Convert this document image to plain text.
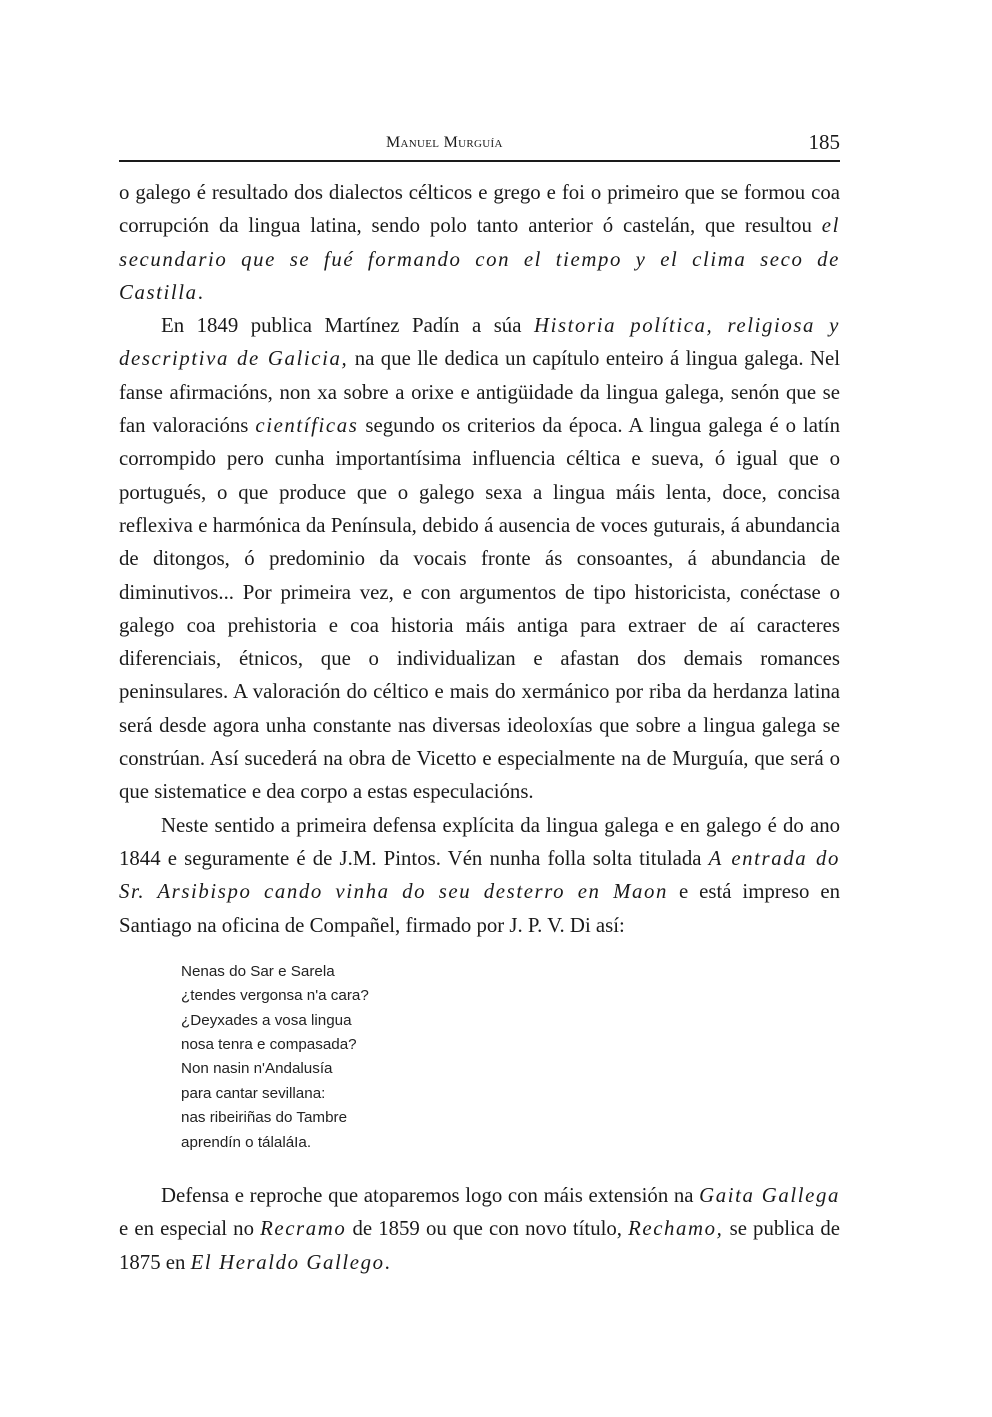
Manuel Murguía	185

o galego é resultado dos dialectos célticos e grego e foi o primeiro que se formou coa corrupción da lingua latina, sendo polo tanto anterior ó castelán, que resultou el secundario que se fué formando con el tiempo y el clima seco de Castilla.

En 1849 publica Martínez Padín a súa Historia política, religiosa y descriptiva de Galicia, na que lle dedica un capítulo enteiro á lingua galega. Nel fanse afirmacións, non xa sobre a orixe e antigüidade da lingua galega, senón que se fan valoracións científicas segundo os criterios da época. A lingua galega é o latín corrompido pero cunha importantísima influencia céltica e sueva, ó igual que o portugués, o que produce que o galego sexa a lingua máis lenta, doce, concisa reflexiva e harmónica da Península, debido á ausencia de voces guturais, á abundancia de ditongos, ó predominio da vocais fronte ás consoantes, á abundancia de diminutivos... Por primeira vez, e con argumentos de tipo historicista, conéctase o galego coa prehistoria e coa historia máis antiga para extraer de aí caracteres diferenciais, étnicos, que o individualizan e afastan dos demais romances peninsulares. A valoración do céltico e mais do xermánico por riba da herdanza latina será desde agora unha constante nas diversas ideoloxías que sobre a lingua galega se constrúan. Así sucederá na obra de Vicetto e especialmente na de Murguía, que será o que sistematice e dea corpo a estas especulacións.

Neste sentido a primeira defensa explícita da lingua galega e en galego é do ano 1844 e seguramente é de J.M. Pintos. Vén nunha folla solta titulada A entrada do Sr. Arsibispo cando vinha do seu desterro en Maon e está impreso en Santiago na oficina de Compañel, firmado por J. P. V. Di así:

Nenas do Sar e Sarela
¿tendes vergonsa n'a cara?
¿Deyxades a vosa lingua
nosa tenra e compasada?
Non nasin n'Andalusía
para cantar sevillana:
nas ribeiriñas do Tambre
aprendín o tálaláIa.

Defensa e reproche que atoparemos logo con máis extensión na Gaita Gallega e en especial no Recramo de 1859 ou que con novo título, Rechamo, se publica de 1875 en El Heraldo Gallego.
